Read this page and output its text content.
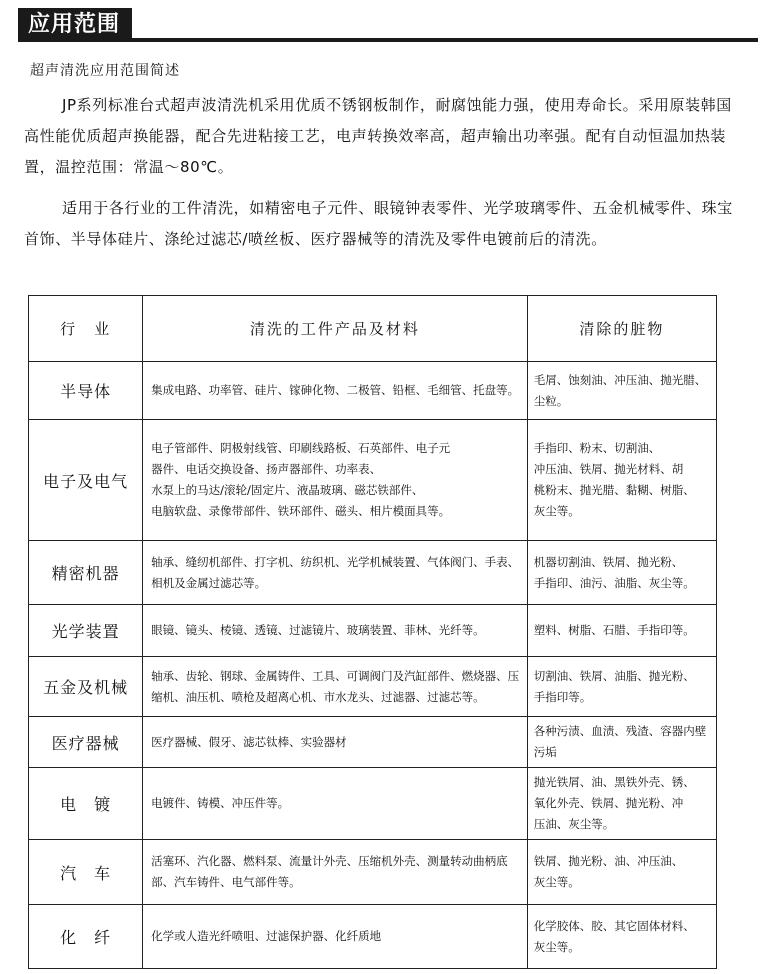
应用范围
超声清洗应用范围简述

JP系列标准台式超声波清洗机采用优质不锈钢板制作，耐腐蚀能力强，使用寿命长。采用原装韩国高性能优质超声换能器，配合先进粘接工艺，电声转换效率高，超声输出功率强。配有自动恒温加热装置，温控范围：常温～80℃。

适用于各行业的工件清洗，如精密电子元件、眼镜钟表零件、光学玻璃零件、五金机械零件、珠宝首饰、半导体硅片、涤纶过滤芯/喷丝板、医疗器械等的清洗及零件电镀前后的清洗。

行　业	清洗的工件产品及材料	清除的脏物
半导体	集成电路、功率管、硅片、镓砷化物、二极管、铅框、毛细管、托盘等。	毛屑、蚀刻油、冲压油、抛光腊、尘粒。

电子及电气	电子管部件、阴极射线管、印刷线路板、石英部件、电子元
器件、电话交换设备、扬声器部件、功率表、
水泵上的马达/滚轮/固定片、液晶玻璃、磁芯铁部件、
电脑软盘、录像带部件、铁环部件、磁头、相片模面具等。	手指印、粉末、切割油、
冲压油、铁屑、抛光材料、胡
桃粉末、抛光腊、黏糊、树脂、
灰尘等。

精密机器	轴承、缝纫机部件、打字机、纺织机、光学机械装置、气体阀门、手表、相机及金属过滤芯等。	机器切割油、铁屑、抛光粉、
手指印、油污、油脂、灰尘等。

光学装置	眼镜、镜头、棱镜、透镜、过滤镜片、玻璃装置、菲林、光纤等。	塑料、树脂、石腊、手指印等。

五金及机械	轴承、齿轮、钢球、金属铸件、工具、可调阀门及汽缸部件、燃烧器、压缩机、油压机、喷枪及超离心机、市水龙头、过滤器、过滤芯等。	切割油、铁屑、油脂、抛光粉、
手指印等。

医疗器械	医疗器械、假牙、滤芯钛棒、实验器材	各种污渍、血渍、残渣、容器内壁污垢

电　镀	电镀件、铸模、冲压件等。	抛光铁屑、油、黑铁外壳、锈、
氧化外壳、铁屑、抛光粉、冲
压油、灰尘等。

汽　车	活塞环、汽化器、燃料泵、流量计外壳、压缩机外壳、测量转动曲柄底部、汽车铸件、电气部件等。	铁屑、抛光粉、油、冲压油、
灰尘等。

化　纤	化学或人造光纤喷咀、过滤保护器、化纤质地	化学胶体、胶、其它固体材料、
灰尘等。
